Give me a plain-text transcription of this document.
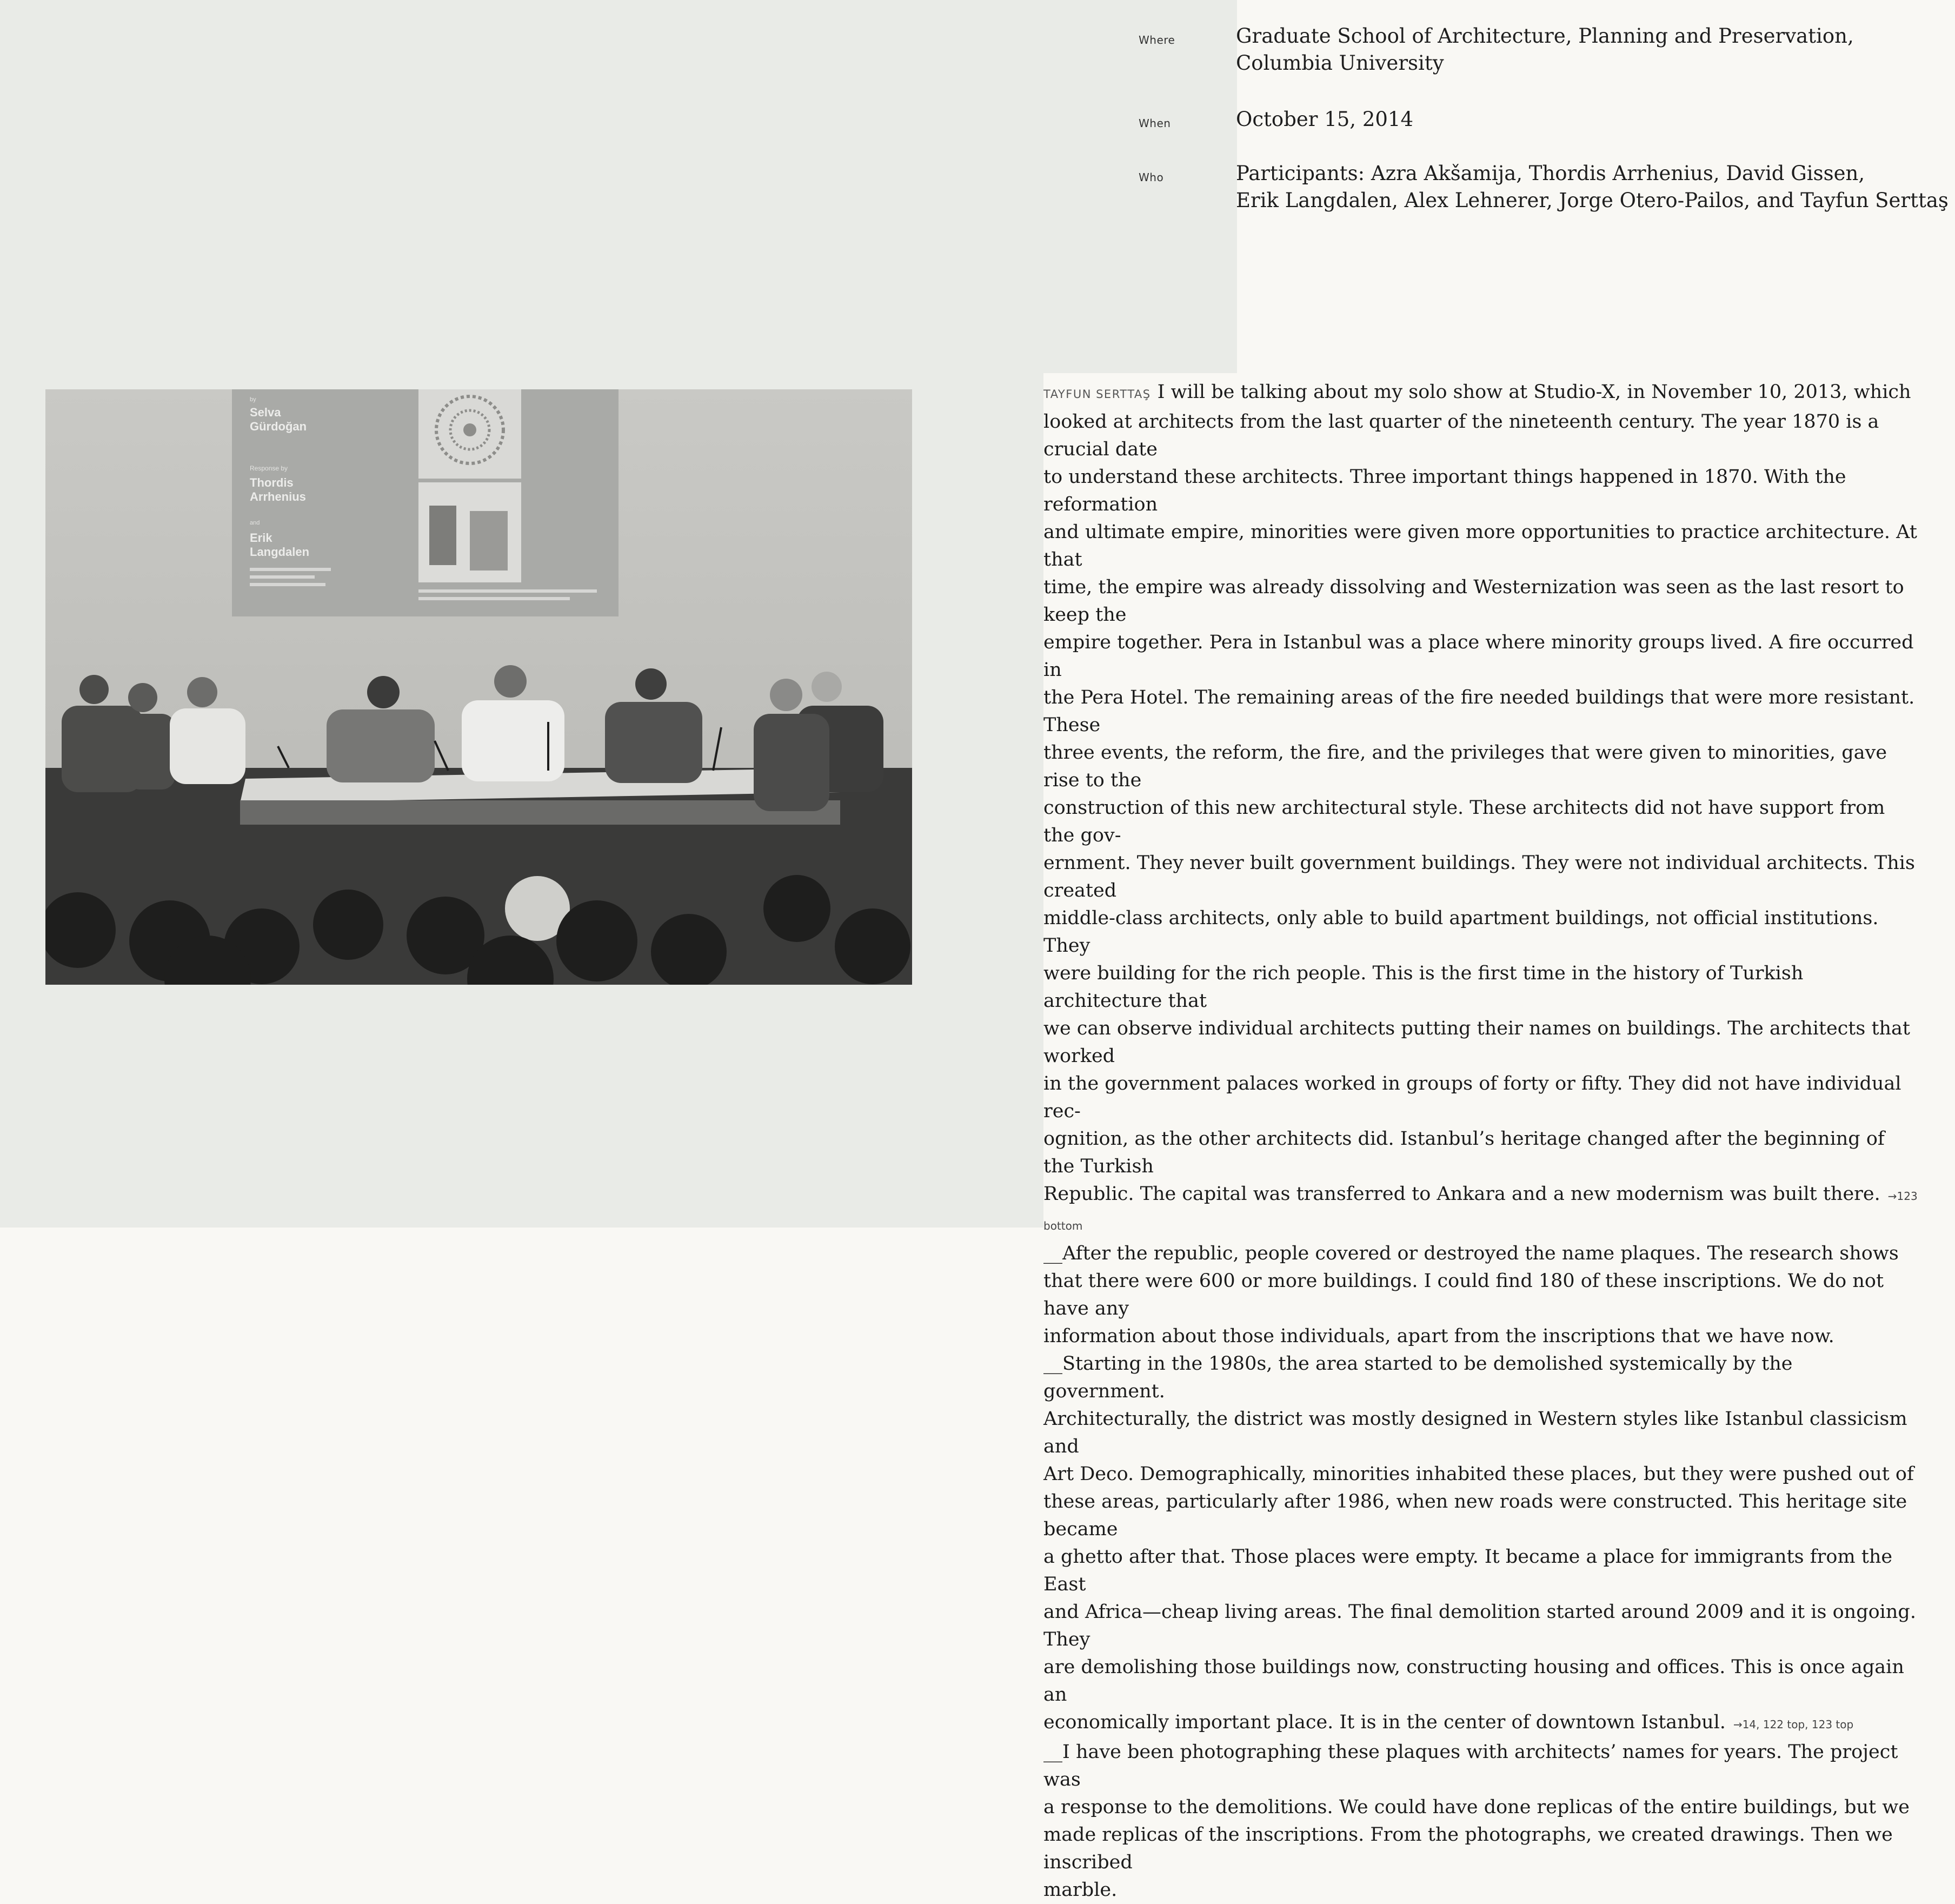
Where	Graduate School of Architecture, Planning and Preservation,
Columbia University
When	October 15, 2014
Who	Participants: Azra Akšamija, Thordis Arrhenius, David Gissen,
Erik Langdalen, Alex Lehnerer, Jorge Otero-Pailos, and Tayfun Serttaş
by
Selva Gürdoğan
Response by
Thordis Arrhenius
and
Erik Langdalen

TAYFUN SERTTAŞ I will be talking about my solo show at Studio-X, in November 10, 2013, which
looked at architects from the last quarter of the nineteenth century. The year 1870 is a crucial date
to understand these architects. Three important things happened in 1870. With the reformation
and ultimate empire, minorities were given more opportunities to practice architecture. At that
time, the empire was already dissolving and Westernization was seen as the last resort to keep the
empire together. Pera in Istanbul was a place where minority groups lived. A fire occurred in
the Pera Hotel. The remaining areas of the fire needed buildings that were more resistant. These
three events, the reform, the fire, and the privileges that were given to minorities, gave rise to the
construction of this new architectural style. These architects did not have support from the gov-
ernment. They never built government buildings. They were not individual architects. This created
middle-class architects, only able to build apartment buildings, not official institutions. They
were building for the rich people. This is the first time in the history of Turkish architecture that
we can observe individual architects putting their names on buildings. The architects that worked
in the government palaces worked in groups of forty or fifty. They did not have individual rec-
ognition, as the other architects did. Istanbul’s heritage changed after the beginning of the Turkish
Republic. The capital was transferred to Ankara and a new modernism was built there. →123 bottom

__After the republic, people covered or destroyed the name plaques. The research shows
that there were 600 or more buildings. I could find 180 of these inscriptions. We do not have any
information about those individuals, apart from the inscriptions that we have now.

__Starting in the 1980s, the area started to be demolished systemically by the government.
Architecturally, the district was mostly designed in Western styles like Istanbul classicism and
Art Deco. Demographically, minorities inhabited these places, but they were pushed out of
these areas, particularly after 1986, when new roads were constructed. This heritage site became
a ghetto after that. Those places were empty. It became a place for immigrants from the East
and Africa—cheap living areas. The final demolition started around 2009 and it is ongoing. They
are demolishing those buildings now, constructing housing and offices. This is once again an
economically important place. It is in the center of downtown Istanbul. →14, 122 top, 123 top

__I have been photographing these plaques with architects’ names for years. The project was
a response to the demolitions. We could have done replicas of the entire buildings, but we
made replicas of the inscriptions. From the photographs, we created drawings. Then we inscribed
marble.
